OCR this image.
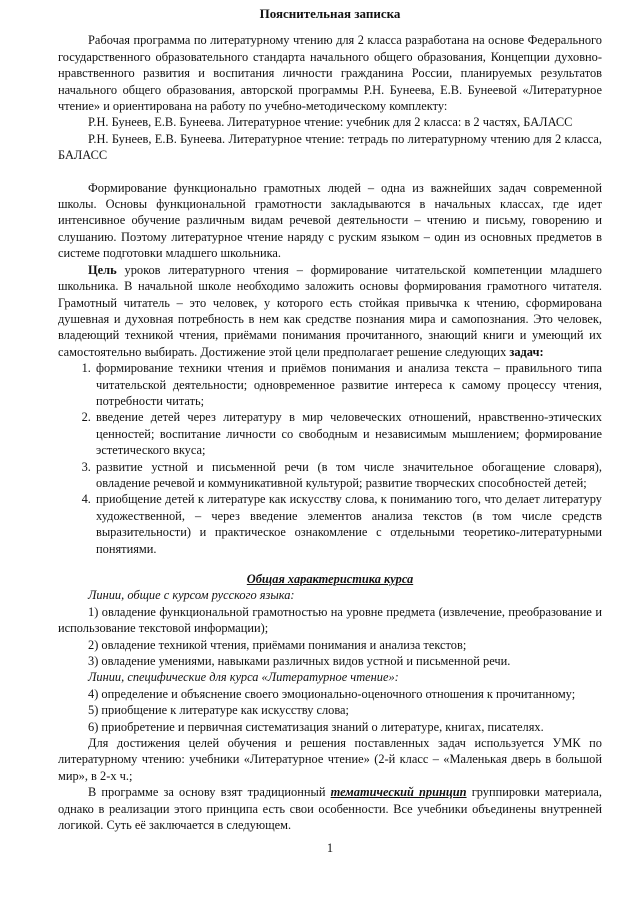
Пояснительная записка

Рабочая программа по литературному чтению для 2 класса разработана на основе Федерального государственного образовательного стандарта начального общего образования, Концепции духовно-нравственного развития и воспитания личности гражданина России, планируемых результатов начального общего образования, авторской программы Р.Н. Бунеева, Е.В. Бунеевой «Литературное чтение» и ориентирована на работу по учебно-методическому комплекту:

Р.Н. Бунеев, Е.В. Бунеева. Литературное чтение: учебник для 2 класса: в 2 частях, БАЛАСС

Р.Н. Бунеев, Е.В. Бунеева. Литературное чтение: тетрадь по литературному чтению для 2 класса, БАЛАСС

Формирование функционально грамотных людей – одна из важнейших задач современной школы. Основы функциональной грамотности закладываются в начальных классах, где идет интенсивное обучение различным видам речевой деятельности – чтению и письму, говорению и слушанию. Поэтому литературное чтение наряду с руским языком – один из основных предметов в системе подготовки младшего школьника.

Цель уроков литературного чтения – формирование читательской компетенции младшего школьника. В начальной школе необходимо заложить основы формирования грамотного читателя. Грамотный читатель – это человек, у которого есть стойкая привычка к чтению, сформирована душевная и духовная потребность в нем как средстве познания мира и самопознания. Это человек, владеющий техникой чтения, приёмами понимания прочитанного, знающий книги и умеющий их самостоятельно выбирать. Достижение этой цели предполагает решение следующих задач:

1. формирование техники чтения и приёмов понимания и анализа текста – правильного типа читательской деятельности; одновременное развитие интереса к самому процессу чтения, потребности читать;
2. введение детей через литературу в мир человеческих отношений, нравственно-этических ценностей; воспитание личности со свободным и независимым мышлением; формирование эстетического вкуса;
3. развитие устной и письменной речи (в том числе значительное обогащение словаря), овладение речевой и коммуникативной культурой; развитие творческих способностей детей;
4. приобщение детей к литературе как искусству слова, к пониманию того, что делает литературу художественной, – через введение элементов анализа текстов (в том числе средств выразительности) и практическое ознакомление с отдельными теоретико-литературными понятиями.
Общая характеристика курса

Линии, общие с курсом русского языка:

1) овладение функциональной грамотностью на уровне предмета (извлечение, преобразование и использование текстовой информации);

2) овладение техникой чтения, приёмами понимания и анализа текстов;

3) овладение умениями, навыками различных видов устной и письменной речи.

Линии, специфические для курса «Литературное чтение»:

4) определение и объяснение своего эмоционально-оценочного отношения к прочитанному;

5) приобщение к литературе как искусству слова;

6) приобретение и первичная систематизация знаний о литературе, книгах, писателях.

Для достижения целей обучения и решения поставленных задач используется УМК по литературному чтению: учебники «Литературное чтение» (2-й класс – «Маленькая дверь в большой мир», в 2-х ч.;

В программе за основу взят традиционный тематический принцип группировки материала, однако в реализации этого принципа есть свои особенности. Все учебники объединены внутренней логикой. Суть её заключается в следующем.

1
